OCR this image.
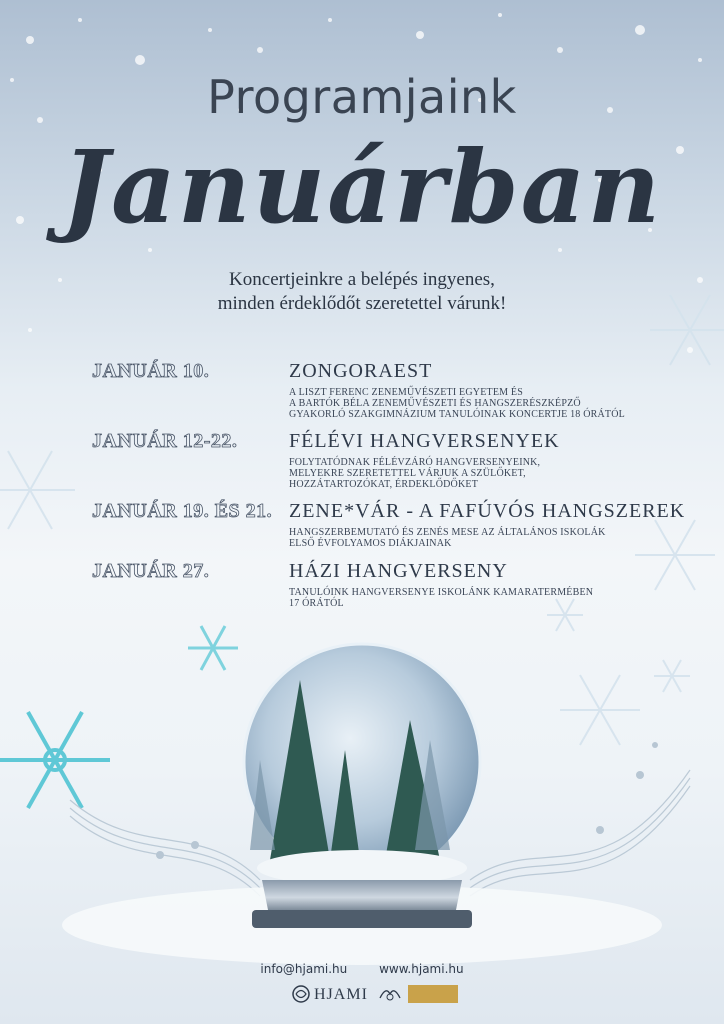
Programjaink
Januárban
Koncertjeinkre a belépés ingyenes,
minden érdeklődőt szeretettel várunk!
JANUÁR 10.	ZONGORAEST
A LISZT FERENC ZENEMŰVÉSZETI EGYETEM ÉS
A BARTÓK BÉLA ZENEMŰVÉSZETI ÉS HANGSZERÉSZKÉPZŐ
GYAKORLÓ SZAKGIMNÁZIUM TANULÓINAK KONCERTJE 18 ÓRÁTÓL
JANUÁR 12-22.	FÉLÉVI HANGVERSENYEK
FOLYTATÓDNAK FÉLÉVZÁRÓ HANGVERSENYEINK,
MELYEKRE SZERETETTEL VÁRJUK A SZÜLŐKET,
HOZZÁTARTOZÓKAT, ÉRDEKLŐDŐKET
JANUÁR 19. ÉS 21. ZENE*VÁR - A FAFÚVÓS HANGSZEREK
HANGSZERBEMUTATÓ ÉS ZENÉS MESE AZ ÁLTALÁNOS ISKOLÁK
ELSŐ ÉVFOLYAMOS DIÁKJAINAK
JANUÁR 27.	HÁZI HANGVERSENY
TANULÓINK HANGVERSENYE ISKOLÁNK KAMARATERMÉBEN
17 ÓRÁTÓL
info@hjami.hu	www.hjami.hu
HJAMI
